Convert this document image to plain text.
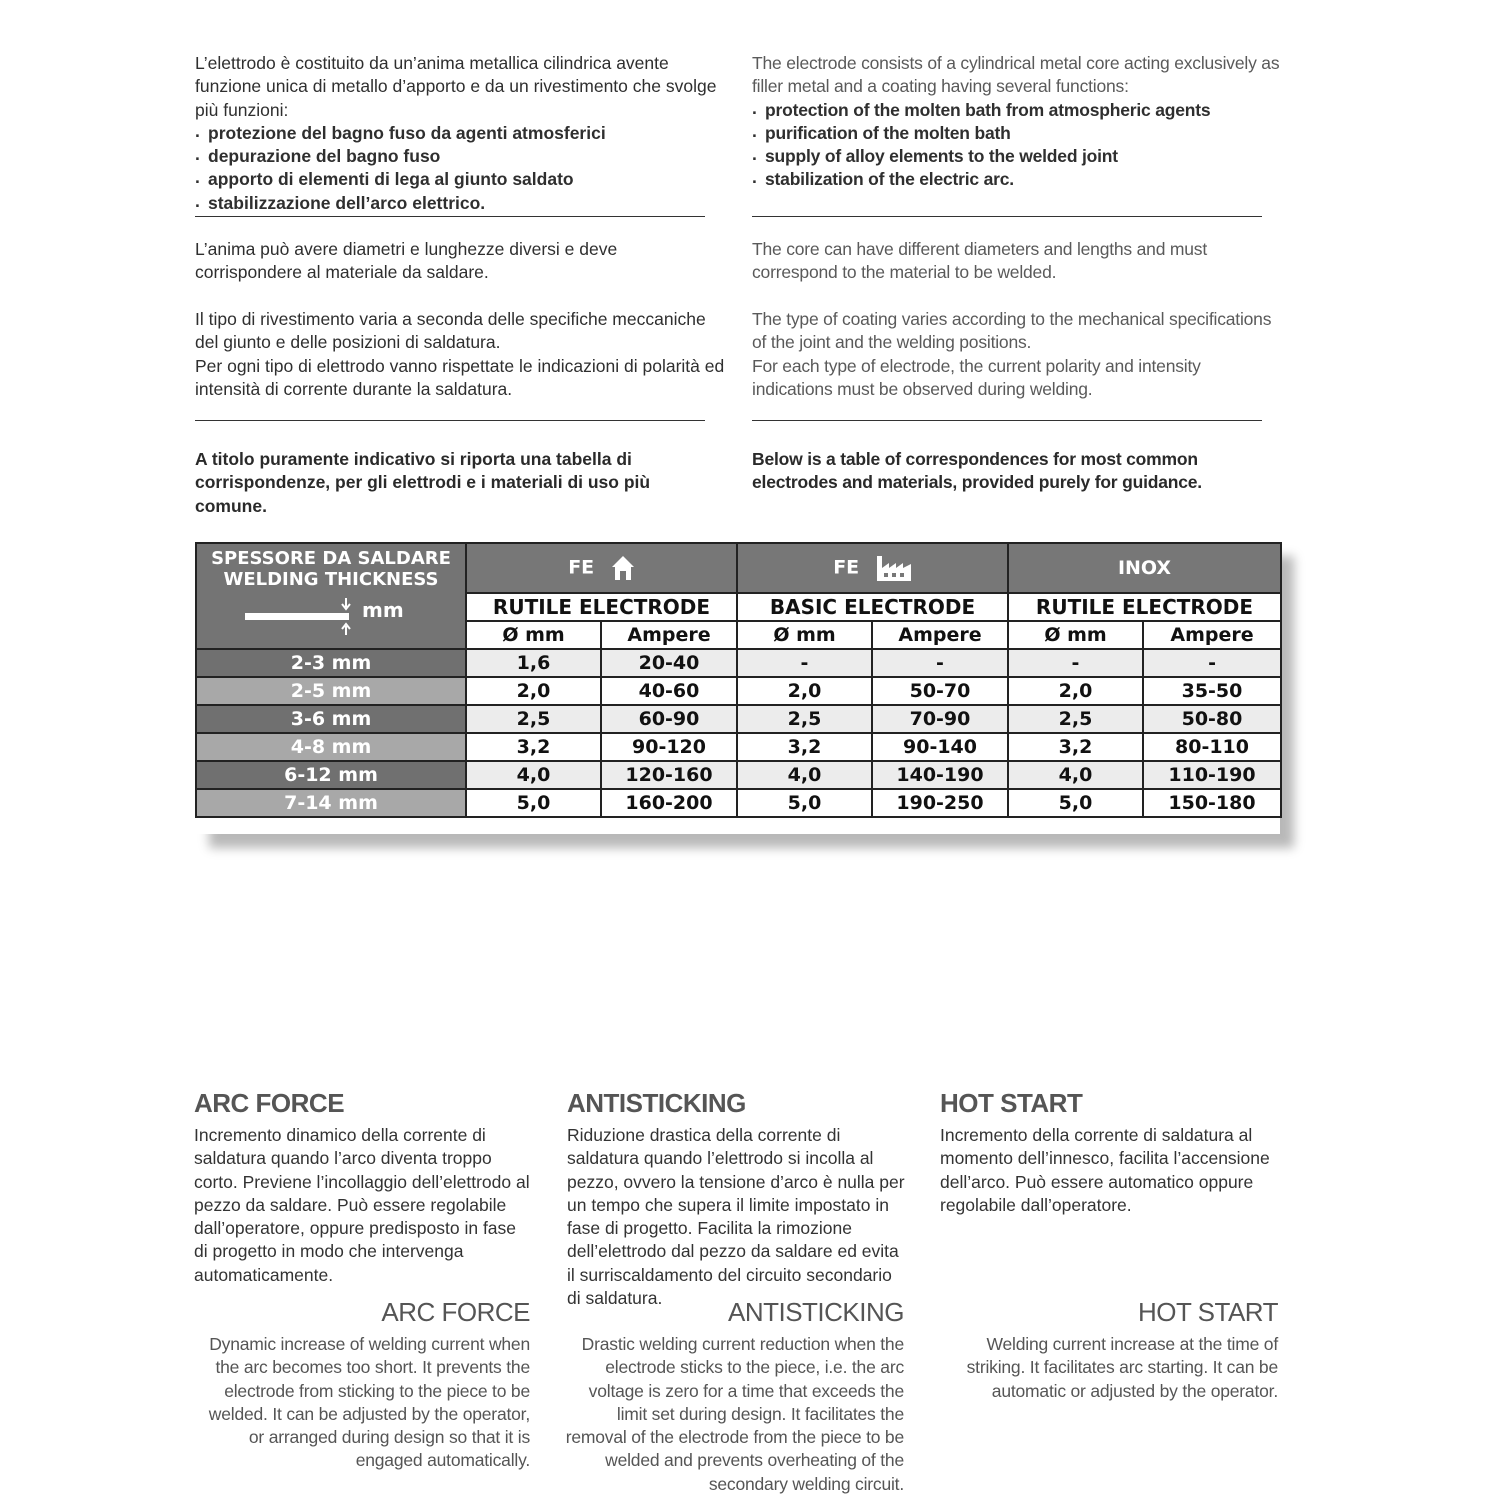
L’elettrodo è costituito da un’anima metallica cilindrica avente funzione unica di metallo d’apporto e da un rivestimento che svolge più funzioni:

. protezione del bagno fuso da agenti atmosferici
. depurazione del bagno fuso
. apporto di elementi di lega al giunto saldato
. stabilizzazione dell’arco elettrico.

L’anima può avere diametri e lunghezze diversi e deve corrispondere al materiale da saldare.

Il tipo di rivestimento varia a seconda delle specifiche meccaniche del giunto e delle posizioni di saldatura.

Per ogni tipo di elettrodo vanno rispettate le indicazioni di polarità ed intensità di corrente durante la saldatura.

A titolo puramente indicativo si riporta una tabella di corrispondenze, per gli elettrodi e i materiali di uso più comune.

The electrode consists of a cylindrical metal core acting exclusively as filler metal and a coating having several functions:

. protection of the molten bath from atmospheric agents
. purification of the molten bath
. supply of alloy elements to the welded joint
. stabilization of the electric arc.

The core can have different diameters and lengths and must correspond to the material to be welded.

The type of coating varies according to the mechanical specifications of the joint and the welding positions.

For each type of electrode, the current polarity and intensity indications must be observed during welding.

Below is a table of correspondences for most common electrodes and materials, provided purely for guidance.

SPESSORE DA SALDARE
WELDING THICKNESS
mm	FE		FE		INOX	
	RUTILE ELECTRODE		BASIC ELECTRODE		RUTILE ELECTRODE	
	Ø mm	Ampere	Ø mm	Ampere	Ø mm	Ampere
2-3 mm	1,6	20-40	-	-	-	-
2-5 mm	2,0	40-60	2,0	50-70	2,0	35-50
3-6 mm	2,5	60-90	2,5	70-90	2,5	50-80
4-8 mm	3,2	90-120	3,2	90-140	3,2	80-110
6-12 mm	4,0	120-160	4,0	140-190	4,0	110-190
7-14 mm	5,0	160-200	5,0	190-250	5,0	150-180
ARC FORCE

Incremento dinamico della corrente di saldatura quando l’arco diventa troppo corto. Previene l’incollaggio dell’elettrodo al pezzo da saldare. Può essere regolabile dall’operatore, oppure predisposto in fase di progetto in modo che intervenga automaticamente.

ANTISTICKING

Riduzione drastica della corrente di saldatura quando l’elettrodo si incolla al pezzo, ovvero la tensione d’arco è nulla per un tempo che supera il limite impostato in fase di progetto. Facilita la rimozione dell’elettrodo dal pezzo da saldare ed evita il surriscaldamento del circuito secondario di saldatura.

HOT START

Incremento della corrente di saldatura al momento dell’innesco, facilita l’accensione dell’arco. Può essere automatico oppure regolabile dall’operatore.

ARC FORCE

Dynamic increase of welding current when the arc becomes too short. It prevents the electrode from sticking to the piece to be welded. It can be adjusted by the operator, or arranged during design so that it is engaged automatically.

ANTISTICKING

Drastic welding current reduction when the electrode sticks to the piece, i.e. the arc voltage is zero for a time that exceeds the limit set during design. It facilitates the removal of the electrode from the piece to be welded and prevents overheating of the secondary welding circuit.

HOT START

Welding current increase at the time of striking. It facilitates arc starting. It can be automatic or adjusted by the operator.
